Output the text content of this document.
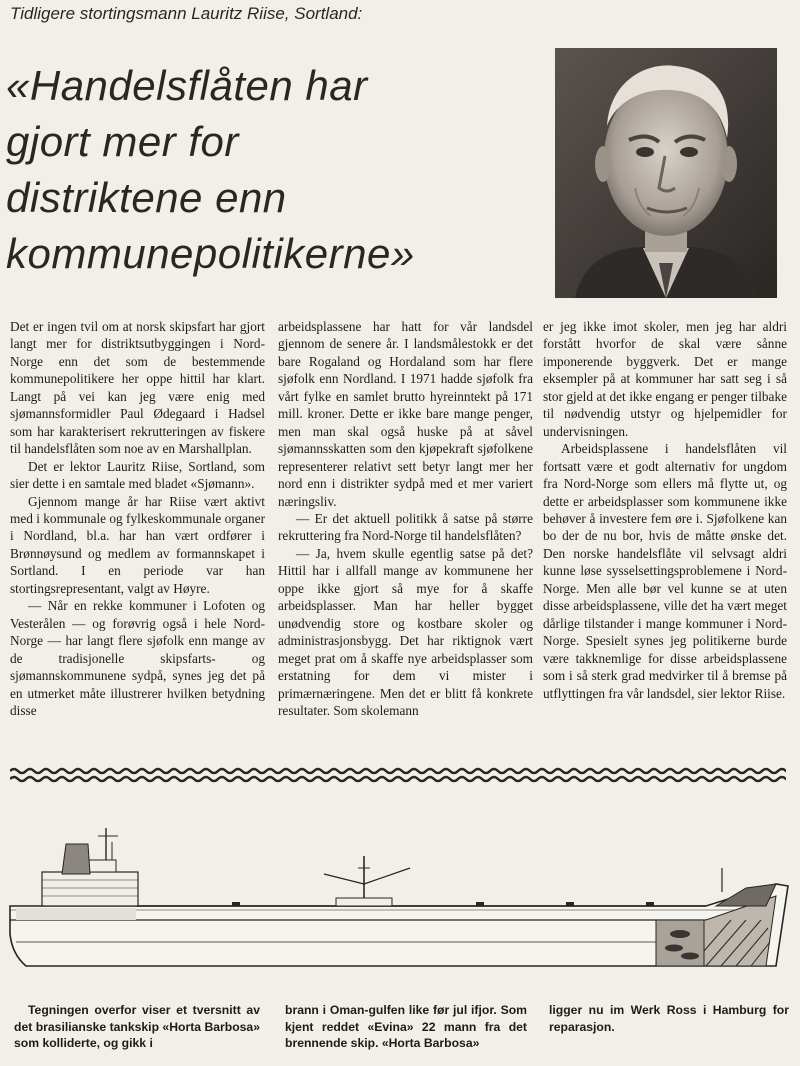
Tidligere stortingsmann Lauritz Riise, Sortland:
«Handelsflåten har
gjort mer for
distriktene enn
kommunepolitikerne»

Det er ingen tvil om at norsk skipsfart har gjort langt mer for distriktsutbyggingen i Nord-Norge enn det som de bestemmende kommunepolitikere her oppe hittil har klart. Langt på vei kan jeg være enig med sjømannsformidler Paul Ødegaard i Hadsel som har karakterisert rekrutteringen av fiskere til handelsflåten som noe av en Marshallplan.

Det er lektor Lauritz Riise, Sortland, som sier dette i en samtale med bladet «Sjømann».

Gjennom mange år har Riise vært aktivt med i kommunale og fylkeskommunale organer i Nordland, bl.a. har han vært ordfører i Brønnøysund og medlem av formannskapet i Sortland. I en periode var han stortingsrepresentant, valgt av Høyre.

— Når en rekke kommuner i Lofoten og Vesterålen — og forøvrig også i hele Nord-Norge — har langt flere sjøfolk enn mange av de tradisjonelle skipsfarts- og sjømannskommunene sydpå, synes jeg det på en utmerket måte illustrerer hvilken betydning disse

arbeidsplassene har hatt for vår landsdel gjennom de senere år. I landsmålestokk er det bare Rogaland og Hordaland som har flere sjøfolk enn Nordland. I 1971 hadde sjøfolk fra vårt fylke en samlet brutto hyreinntekt på 171 mill. kroner. Dette er ikke bare mange penger, men man skal også huske på at såvel sjømannsskatten som den kjøpekraft sjøfolkene representerer relativt sett betyr langt mer her nord enn i distrikter sydpå med et mer variert næringsliv.

— Er det aktuell politikk å satse på større rekruttering fra Nord-Norge til handelsflåten?

— Ja, hvem skulle egentlig satse på det? Hittil har i allfall mange av kommunene her oppe ikke gjort så mye for å skaffe arbeidsplasser. Man har heller bygget unødvendig store og kostbare skoler og administrasjonsbygg. Det har riktignok vært meget prat om å skaffe nye arbeidsplasser som erstatning for dem vi mister i primærnæringene. Men det er blitt få konkrete resultater. Som skolemann

er jeg ikke imot skoler, men jeg har aldri forstått hvorfor de skal være sånne imponerende byggverk. Det er mange eksempler på at kommuner har satt seg i så stor gjeld at det ikke engang er penger tilbake til nødvendig utstyr og hjelpemidler for undervisningen.

Arbeidsplassene i handelsflåten vil fortsatt være et godt alternativ for ungdom fra Nord-Norge som ellers må flytte ut, og dette er arbeidsplasser som kommunene ikke behøver å investere fem øre i. Sjøfolkene kan bo der de nu bor, hvis de måtte ønske det. Den norske handelsflåte vil selvsagt aldri kunne løse sysselsettingsproblemene i Nord-Norge. Men alle bør vel kunne se at uten disse arbeidsplassene, ville det ha vært meget dårlige tilstander i mange kommuner i Nord-Norge. Spesielt synes jeg politikerne burde være takknemlige for disse arbeidsplassene som i så sterk grad medvirker til å bremse på utflyttingen fra vår landsdel, sier lektor Riise.

Tegningen overfor viser et tversnitt av det brasilianske tankskip «Horta Barbosa» som kolliderte, og gikk i
brann i Oman-gulfen like før jul ifjor. Som kjent reddet «Evina» 22 mann fra det brennende skip. «Horta Barbosa»
ligger nu im Werk Ross i Hamburg for reparasjon.
